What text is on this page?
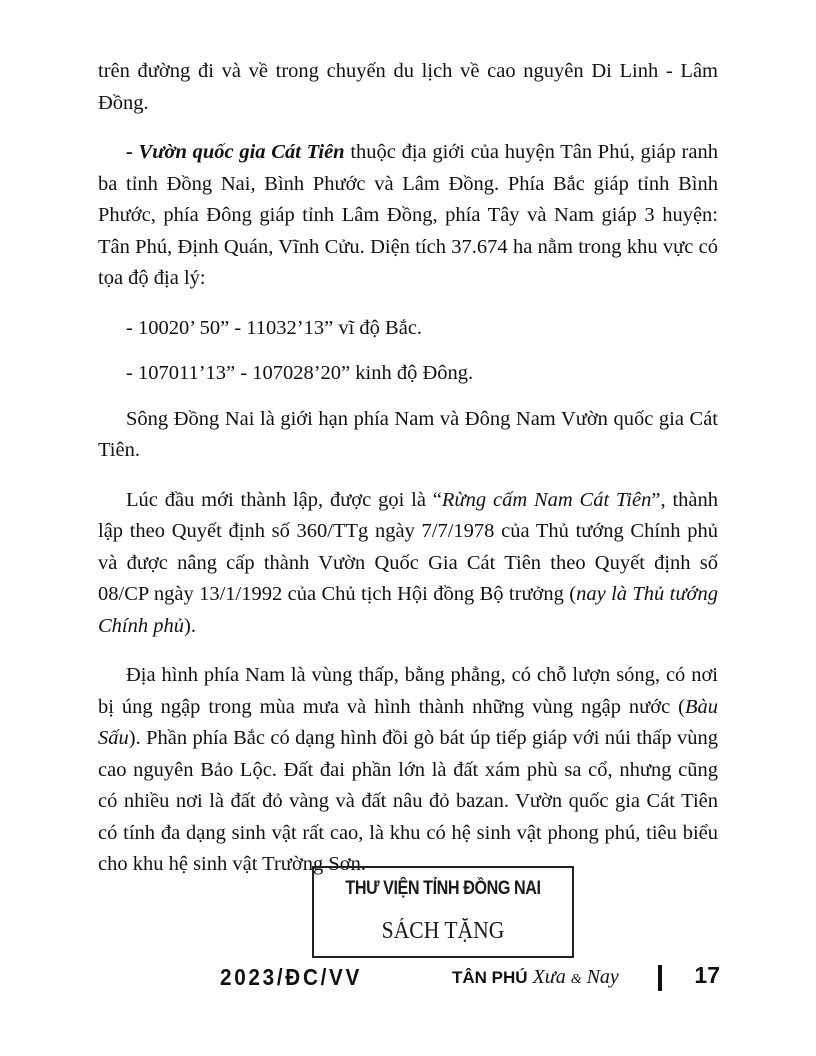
trên đường đi và về trong chuyến du lịch về cao nguyên Di Linh - Lâm Đồng.

- Vườn quốc gia Cát Tiên thuộc địa giới của huyện Tân Phú, giáp ranh ba tỉnh Đồng Nai, Bình Phước và Lâm Đồng. Phía Bắc giáp tỉnh Bình Phước, phía Đông giáp tỉnh Lâm Đồng, phía Tây và Nam giáp 3 huyện: Tân Phú, Định Quán, Vĩnh Cửu. Diện tích 37.674 ha nằm trong khu vực có tọa độ địa lý:

- 10020’ 50” - 11032’13” vĩ độ Bắc.

- 107011’13” - 107028’20” kinh độ Đông.

Sông Đồng Nai là giới hạn phía Nam và Đông Nam Vườn quốc gia Cát Tiên.

Lúc đầu mới thành lập, được gọi là “Rừng cấm Nam Cát Tiên”, thành lập theo Quyết định số 360/TTg ngày 7/7/1978 của Thủ tướng Chính phủ và được nâng cấp thành Vườn Quốc Gia Cát Tiên theo Quyết định số 08/CP ngày 13/1/1992 của Chủ tịch Hội đồng Bộ trưởng (nay là Thủ tướng Chính phủ).

Địa hình phía Nam là vùng thấp, bằng phẳng, có chỗ lượn sóng, có nơi bị úng ngập trong mùa mưa và hình thành những vùng ngập nước (Bàu Sấu). Phần phía Bắc có dạng hình đồi gò bát úp tiếp giáp với núi thấp vùng cao nguyên Bảo Lộc. Đất đai phần lớn là đất xám phù sa cổ, nhưng cũng có nhiều nơi là đất đỏ vàng và đất nâu đỏ bazan. Vườn quốc gia Cát Tiên có tính đa dạng sinh vật rất cao, là khu có hệ sinh vật phong phú, tiêu biểu cho khu hệ sinh vật Trường Sơn.

THƯ VIỆN TỈNH ĐỒNG NAI
SÁCH TẶNG
2023/ĐC/VV	TÂN PHÚ Xưa & Nay	17
